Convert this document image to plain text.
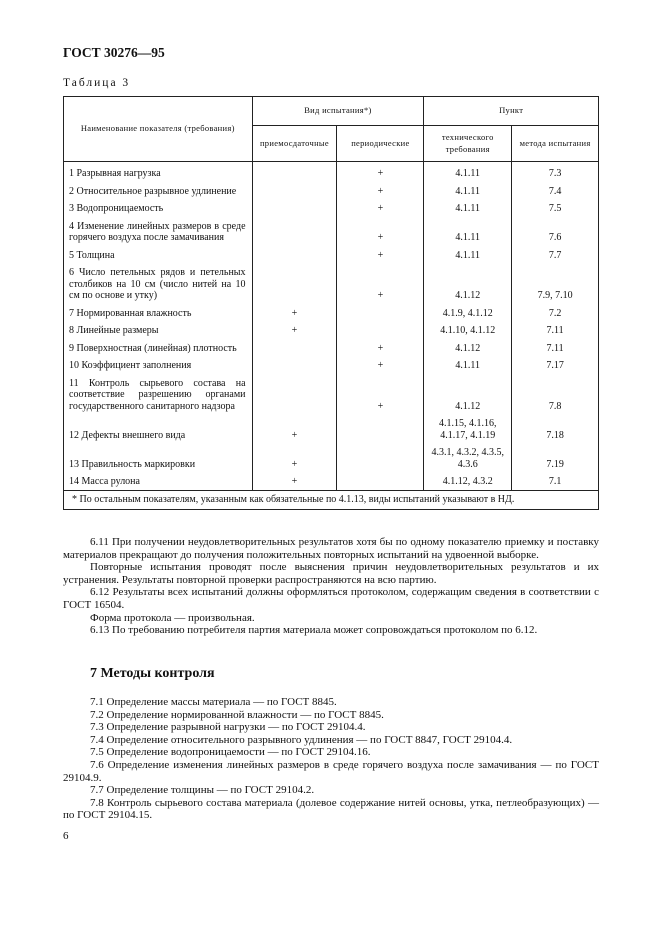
ГОСТ 30276—95
Таблица 3
Наименование показателя (требования)	Вид испытания*)		Пункт	
	приемосдаточные	периодические	технического требования	метода испытания
1 Разрывная нагрузка		+	4.1.11	7.3
2 Относительное разрывное удлинение		+	4.1.11	7.4
3 Водопроницаемость		+	4.1.11	7.5
4 Изменение линейных размеров в среде горячего воздуха после замачивания		+	4.1.11	7.6
5 Толщина		+	4.1.11	7.7
6 Число петельных рядов и петельных столбиков на 10 см (число нитей на 10 см по основе и утку)		+	4.1.12	7.9, 7.10
7 Нормированная влажность	+		4.1.9, 4.1.12	7.2
8 Линейные размеры	+		4.1.10, 4.1.12	7.11
9 Поверхностная (линейная) плотность		+	4.1.12	7.11
10 Коэффициент заполнения		+	4.1.11	7.17
11 Контроль сырьевого состава на соответствие разрешению органами государственного санитарного надзора		+	4.1.12	7.8
12 Дефекты внешнего вида	+		4.1.15, 4.1.16, 4.1.17, 4.1.19	7.18
13 Правильность маркировки	+		4.3.1, 4.3.2, 4.3.5, 4.3.6	7.19
14 Масса рулона	+		4.1.12, 4.3.2	7.1
* По остальным показателям, указанным как обязательные по 4.1.13, виды испытаний указывают в НД.				

6.11 При получении неудовлетворительных результатов хотя бы по одному показателю приемку и поставку материалов прекращают до получения положительных повторных испытаний на удвоенной выборке.

Повторные испытания проводят после выяснения причин неудовлетворительных результатов и их устранения. Результаты повторной проверки распространяются на всю партию.

6.12 Результаты всех испытаний должны оформляться протоколом, содержащим сведения в соответствии с ГОСТ 16504.

Форма протокола — произвольная.

6.13 По требованию потребителя партия материала может сопровождаться протоколом по 6.12.

7 Методы контроля

7.1 Определение массы материала — по ГОСТ 8845.

7.2 Определение нормированной влажности — по ГОСТ 8845.

7.3 Определение разрывной нагрузки — по ГОСТ 29104.4.

7.4 Определение относительного разрывного удлинения — по ГОСТ 8847, ГОСТ 29104.4.

7.5 Определение водопроницаемости — по ГОСТ 29104.16.

7.6 Определение изменения линейных размеров в среде горячего воздуха после замачивания — по ГОСТ 29104.9.

7.7 Определение толщины — по ГОСТ 29104.2.

7.8 Контроль сырьевого состава материала (долевое содержание нитей основы, утка, петлеобразующих) — по ГОСТ 29104.15.

6
